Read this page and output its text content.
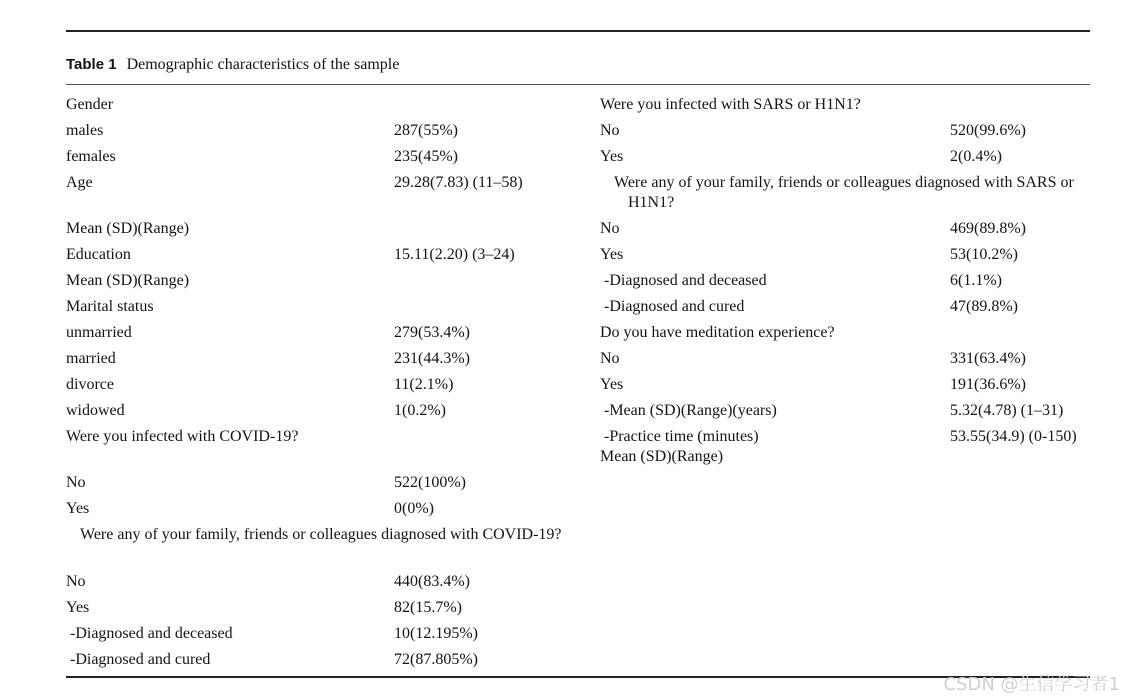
Table 1 Demographic characteristics of the sample
Gender
males	287(55%)
females	235(45%)
Age	29.28(7.83) (11–58)
Mean (SD)(Range)
Education	15.11(2.20) (3–24)
Mean (SD)(Range)
Marital status
unmarried	279(53.4%)
married	231(44.3%)
divorce	11(2.1%)
widowed	1(0.2%)
Were you infected with COVID-19?
No	522(100%)
Yes	0(0%)
Were any of your family, friends or colleagues diagnosed with COVID-19?
No	440(83.4%)
Yes	82(15.7%)
-Diagnosed and deceased	10(12.195%)
-Diagnosed and cured	72(87.805%)
Were you infected with SARS or H1N1?
No	520(99.6%)
Yes	2(0.4%)
Were any of your family, friends or colleagues diagnosed with SARS or H1N1?
No	469(89.8%)
Yes	53(10.2%)
-Diagnosed and deceased	6(1.1%)
-Diagnosed and cured	47(89.8%)
Do you have meditation experience?
No	331(63.4%)
Yes	191(36.6%)
-Mean (SD)(Range)(years)	5.32(4.78) (1–31)
-Practice time (minutes)	53.55(34.9) (0-150)
Mean (SD)(Range)
CSDN @生信学习者1
